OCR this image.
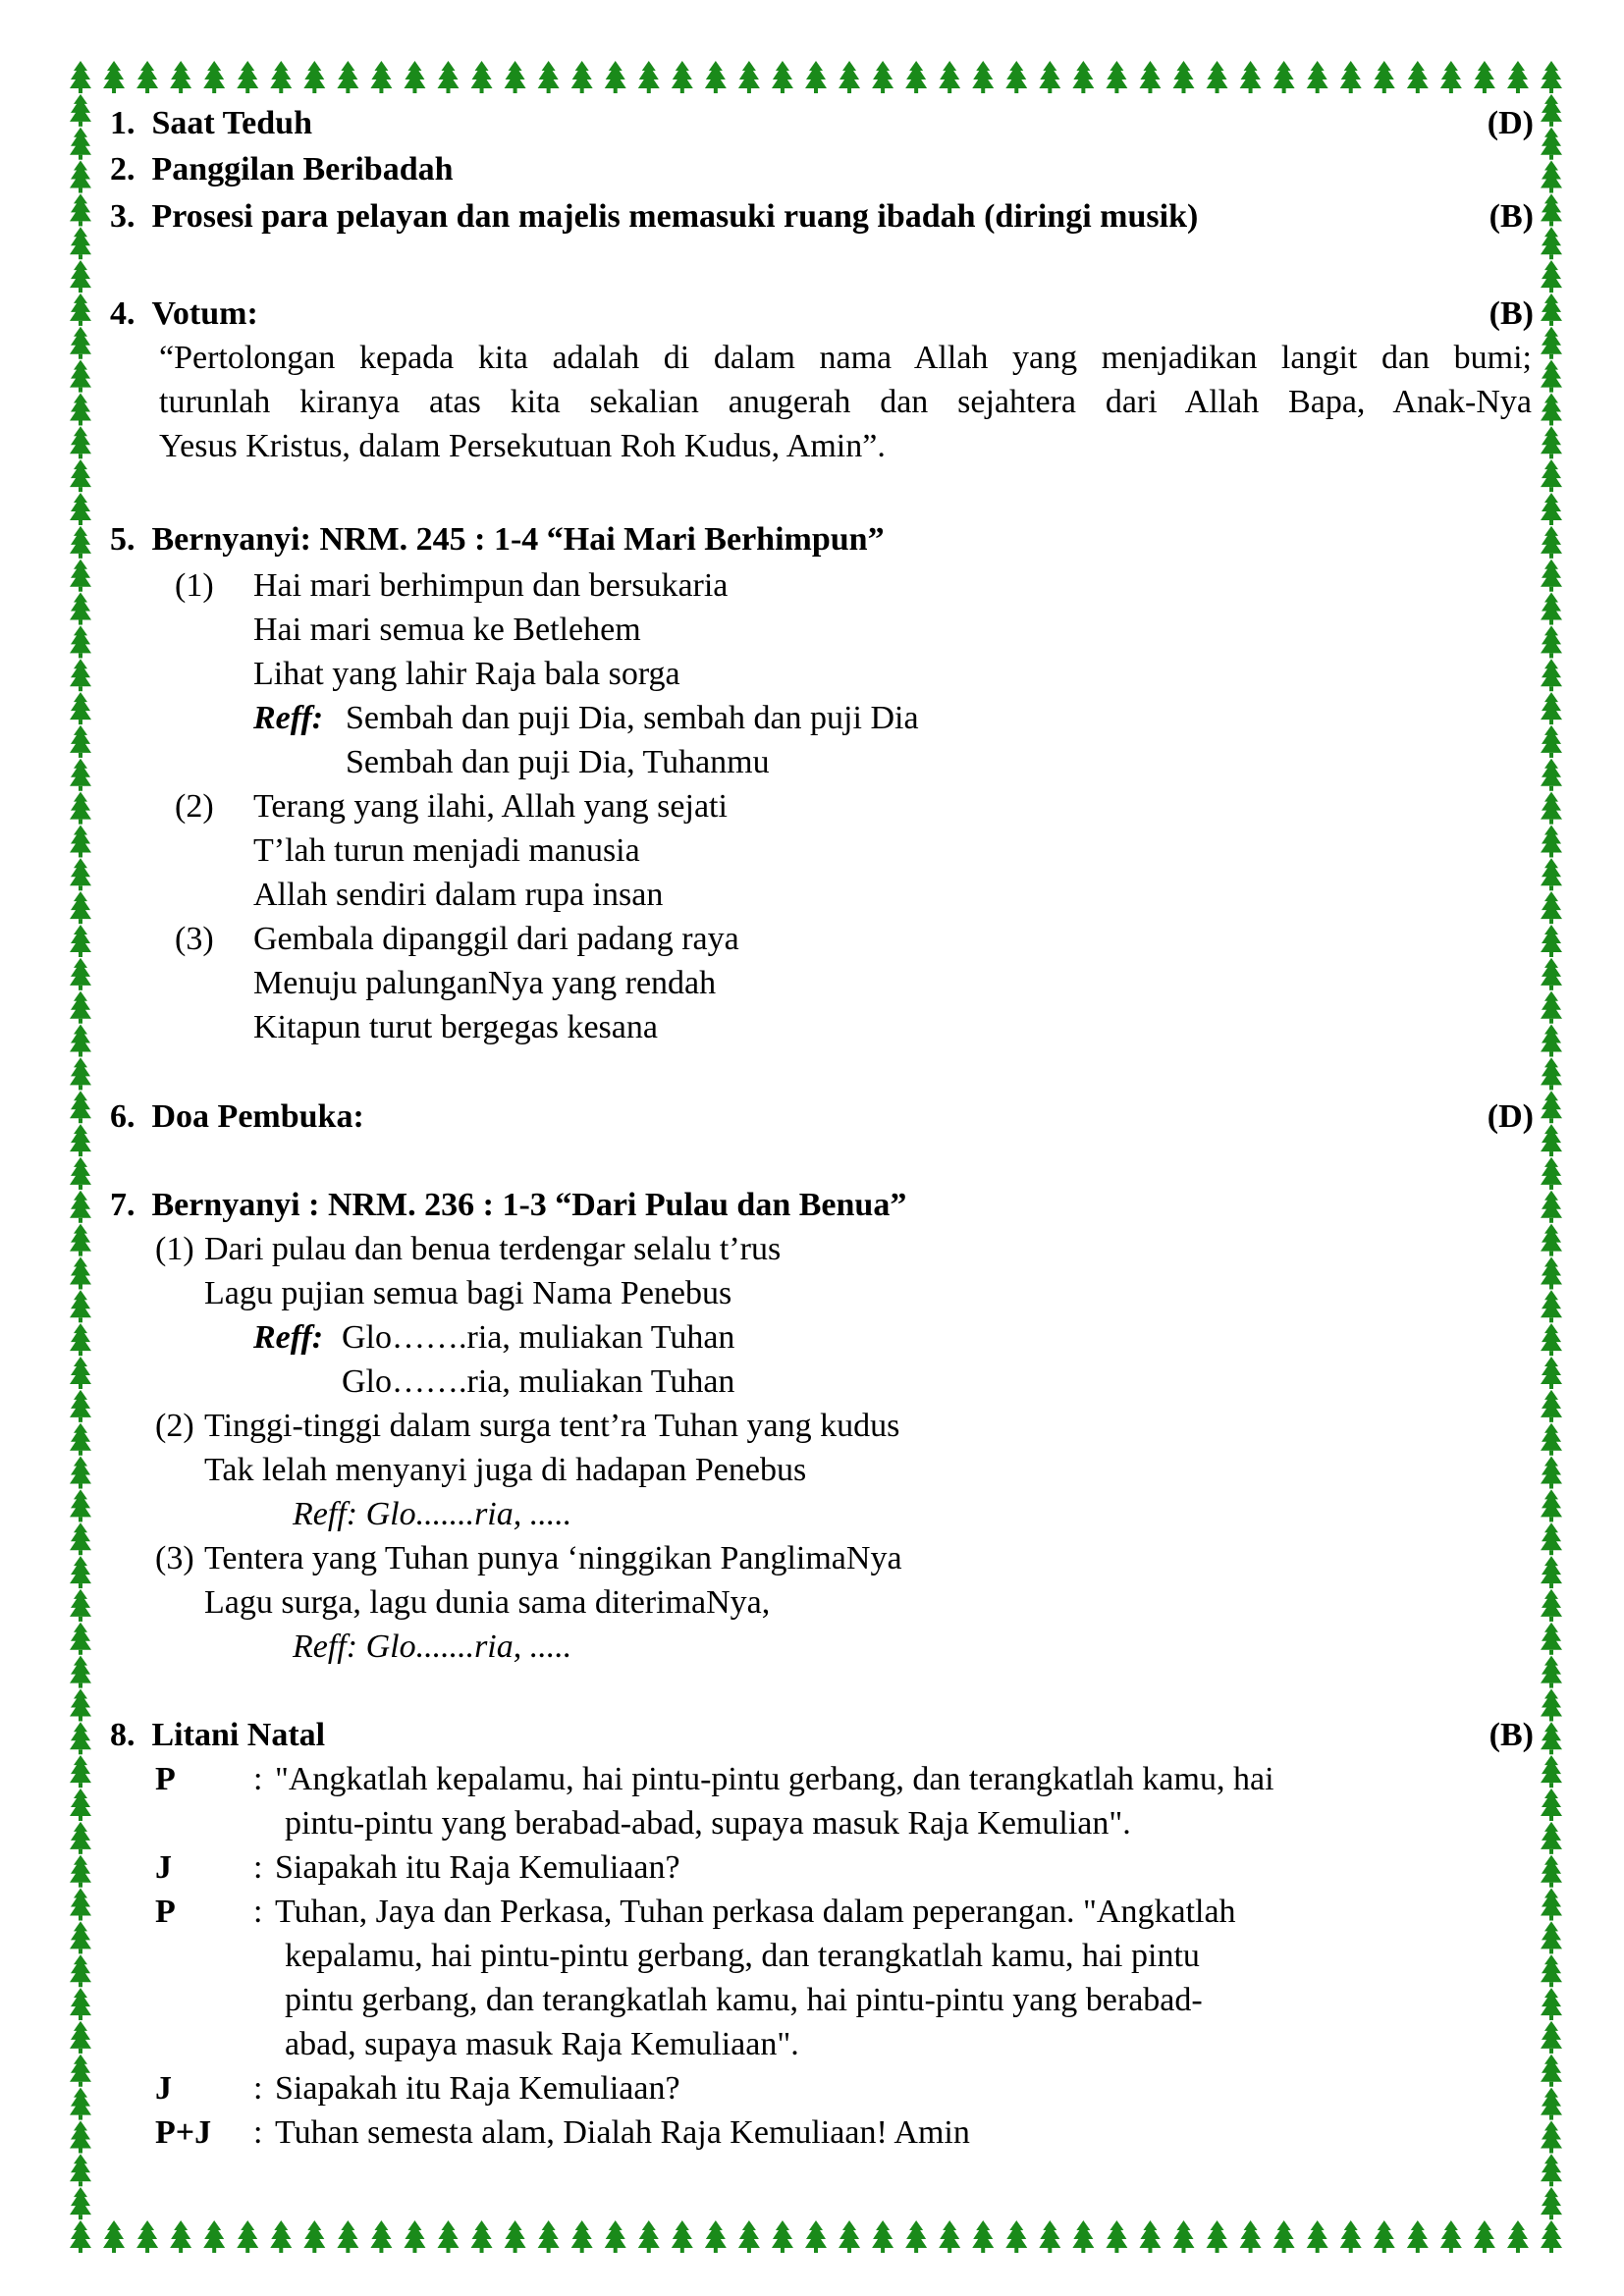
1. Saat Teduh	(D)
2. Panggilan Beribadah
3. Prosesi para pelayan dan majelis memasuki ruang ibadah (diringi musik)	(B)
4. Votum:	(B)
“Pertolongan kepada kita adalah di dalam nama Allah yang menjadikan langit dan bumi;
turunlah kiranya atas kita sekalian anugerah dan sejahtera dari Allah Bapa, Anak-Nya
Yesus Kristus, dalam Persekutuan Roh Kudus, Amin”.
5. Bernyanyi: NRM. 245 : 1-4 “Hai Mari Berhimpun”
(1) Hai mari berhimpun dan bersukaria
Hai mari semua ke Betlehem
Lihat yang lahir Raja bala sorga
Reff: Sembah dan puji Dia, sembah dan puji Dia
Sembah dan puji Dia, Tuhanmu
(2) Terang yang ilahi, Allah yang sejati
T’lah turun menjadi manusia
Allah sendiri dalam rupa insan
(3) Gembala dipanggil dari padang raya
Menuju palunganNya yang rendah
Kitapun turut bergegas kesana
6. Doa Pembuka:	(D)
7. Bernyanyi : NRM. 236 : 1-3 “Dari Pulau dan Benua”
(1) Dari pulau dan benua terdengar selalu t’rus
Lagu pujian semua bagi Nama Penebus
Reff: Glo…….ria, muliakan Tuhan
Glo…….ria, muliakan Tuhan
(2) Tinggi-tinggi dalam surga tent’ra Tuhan yang kudus
Tak lelah menyanyi juga di hadapan Penebus
Reff: Glo.......ria, .....
(3) Tentera yang Tuhan punya ‘ninggikan PanglimaNya
Lagu surga, lagu dunia sama diterimaNya,
Reff: Glo.......ria, .....
8. Litani Natal	(B)
P : "Angkatlah kepalamu, hai pintu-pintu gerbang, dan terangkatlah kamu, hai
pintu-pintu yang berabad-abad, supaya masuk Raja Kemulian".
J : Siapakah itu Raja Kemuliaan?
P : Tuhan, Jaya dan Perkasa, Tuhan perkasa dalam peperangan. "Angkatlah
kepalamu, hai pintu-pintu gerbang, dan terangkatlah kamu, hai pintu
pintu gerbang, dan terangkatlah kamu, hai pintu-pintu yang berabad-
abad, supaya masuk Raja Kemuliaan".
J : Siapakah itu Raja Kemuliaan?
P+J : Tuhan semesta alam, Dialah Raja Kemuliaan! Amin
